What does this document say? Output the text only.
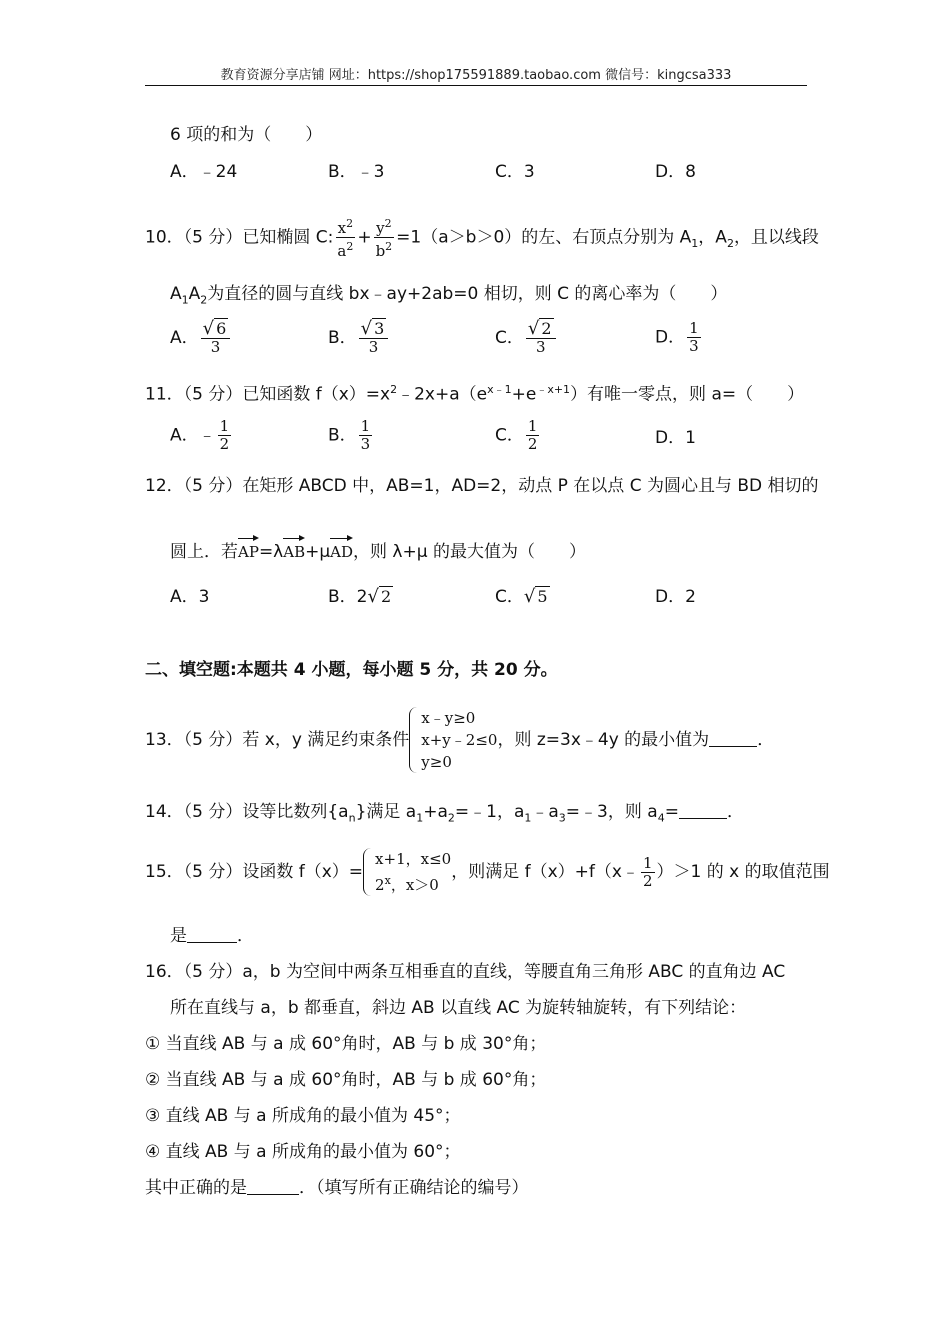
教育资源分享店铺 网址：https://shop175591889.taobao.com 微信号：kingcsa333
6 项的和为（　　）
A．﹣24	B．﹣3	C．3	D．8
10．（5 分）已知椭圆 C: $\frac{x^2}{a^2} + \frac{y^2}{b^2} =1(a>b>0)$的左、右顶点分别为 $A_1$，$A_2$，且以线段
$A_1A_2$为直径的圆与直线 bx﹣ay+2ab=0 相切，则 C 的离心率为（　　）
A． $\frac{√ 6}{3}$	B． $\frac{√ 3}{3}$	C． $\frac{√ 2}{3}$	D． $\frac{1}{3}$
11．（5 分）已知函数 $f(x)=x^2﹣2x+a(e^{x﹣1}+e^{﹣x+1})$有唯一零点，则 a=（　　）
A．﹣ $\frac{1}{2}$	B． $\frac{1}{3}$	C． $\frac{1}{2}$	D．1
12．（5 分）在矩形 ABCD 中，AB=1，AD=2，动点 P 在以点 C 为圆心且与 BD 相切的
圆上．若AP=λAB+μAD，则 λ+μ 的最大值为（　　）
A．3	B．2√ 2	C．√ 5	D．2
二、填空题:本题共 4 小题，每小题 5 分，共 20 分。
13．（5 分）若 x，y 满足约束条件
x﹣y≥0
x+y﹣2≤0
y≥0
，则 z=3x﹣4y 的最小值为	．
14．（5 分）设等比数列$\{a_n\}$满足 $a_1+a_2=﹣1$，$a_1﹣a_3=﹣3$，则 $a_4=$	．
15．（5 分）设函数 f（x）=
x+1，x≤0
2$^x$，x＞0
，则满足 f（x）+f（x﹣ $\frac{1}{2} )>1$ 的 x 的取值范围
是	．
16．（5 分）a，b 为空间中两条互相垂直的直线，等腰直角三角形 ABC 的直角边 AC
所在直线与 a，b 都垂直，斜边 AB 以直线 AC 为旋转轴旋转，有下列结论：
① 当直线 AB 与 a 成 60°角时，AB 与 b 成 30°角；
② 当直线 AB 与 a 成 60°角时，AB 与 b 成 60°角；
③ 直线 AB 与 a 所成角的最小值为 45°；
④ 直线 AB 与 a 所成角的最小值为 60°；
其中正确的是	．（填写所有正确结论的编号）
